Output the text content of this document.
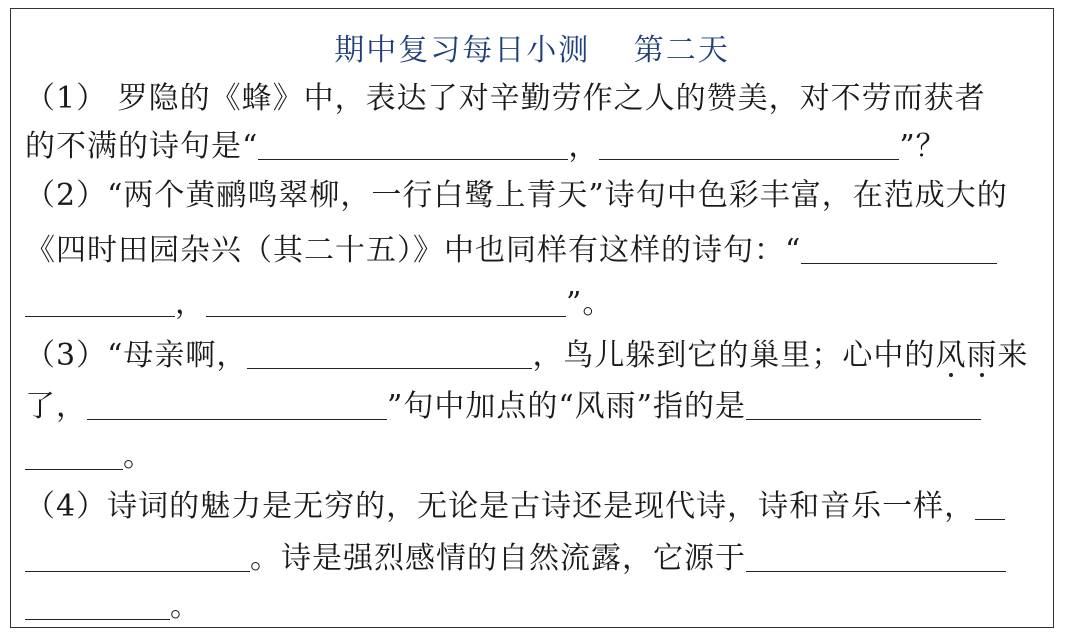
期中复习每日小测　 第二天
（1） 罗隐的《蜂》中，表达了对辛勤劳作之人的赞美，对不劳而获者
的不满的诗句是“	，	”？
（2）“两个黄鹂鸣翠柳，一行白鹭上青天”诗句中色彩丰富，在范成大的
《四时田园杂兴（其二十五）》中也同样有这样的诗句：“
，	”。
（3）“母亲啊，	，鸟儿躲到它的巢里；心中的风雨来
了，	”句中加点的“风雨”指的是
。
（4）诗词的魅力是无穷的，无论是古诗还是现代诗，诗和音乐一样，
。诗是强烈感情的自然流露，它源于
。
